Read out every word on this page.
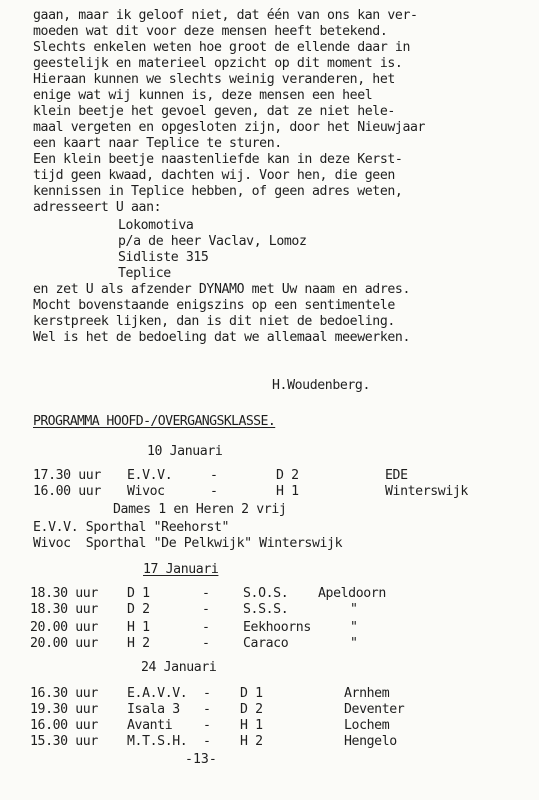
gaan, maar ik geloof niet, dat één van ons kan ver-
moeden wat dit voor deze mensen heeft betekend.
Slechts enkelen weten hoe groot de ellende daar in
geestelijk en materieel opzicht op dit moment is.
Hieraan kunnen we slechts weinig veranderen, het
enige wat wij kunnen is, deze mensen een heel
klein beetje het gevoel geven, dat ze niet hele-
maal vergeten en opgesloten zijn, door het Nieuwjaar
een kaart naar Teplice te sturen.
Een klein beetje naastenliefde kan in deze Kerst-
tijd geen kwaad, dachten wij. Voor hen, die geen
kennissen in Teplice hebben, of geen adres weten,
adresseert U aan:
Lokomotiva
p/a de heer Vaclav, Lomoz
Sidliste 315
Teplice
en zet U als afzender DYNAMO met Uw naam en adres.
Mocht bovenstaande enigszins op een sentimentele
kerstpreek lijken, dan is dit niet de bedoeling.
Wel is het de bedoeling dat we allemaal meewerken.
H.Woudenberg.
PROGRAMMA HOOFD-/OVERGANGSKLASSE.
10 Januari
17.30 uur E.V.V.	-	D 2	EDE
16.00 uur Wivoc	-	H 1	Winterswijk
Dames 1 en Heren 2 vrij
E.V.V. Sporthal "Reehorst"
Wivoc  Sporthal "De Pelkwijk" Winterswijk
17 Januari
18.30 uur D 1	-	S.O.S. Apeldoorn
18.30 uur D 2	-	S.S.S.	"
20.00 uur H 1	-	Eekhoorns	"
20.00 uur H 2	-	Caraco	"
24 Januari
16.30 uur E.A.V.V. - D 1	Arnhem
19.30 uur Isala 3 - D 2	Deventer
16.00 uur Avanti - H 1	Lochem
15.30 uur M.T.S.H. - H 2	Hengelo
-13-
